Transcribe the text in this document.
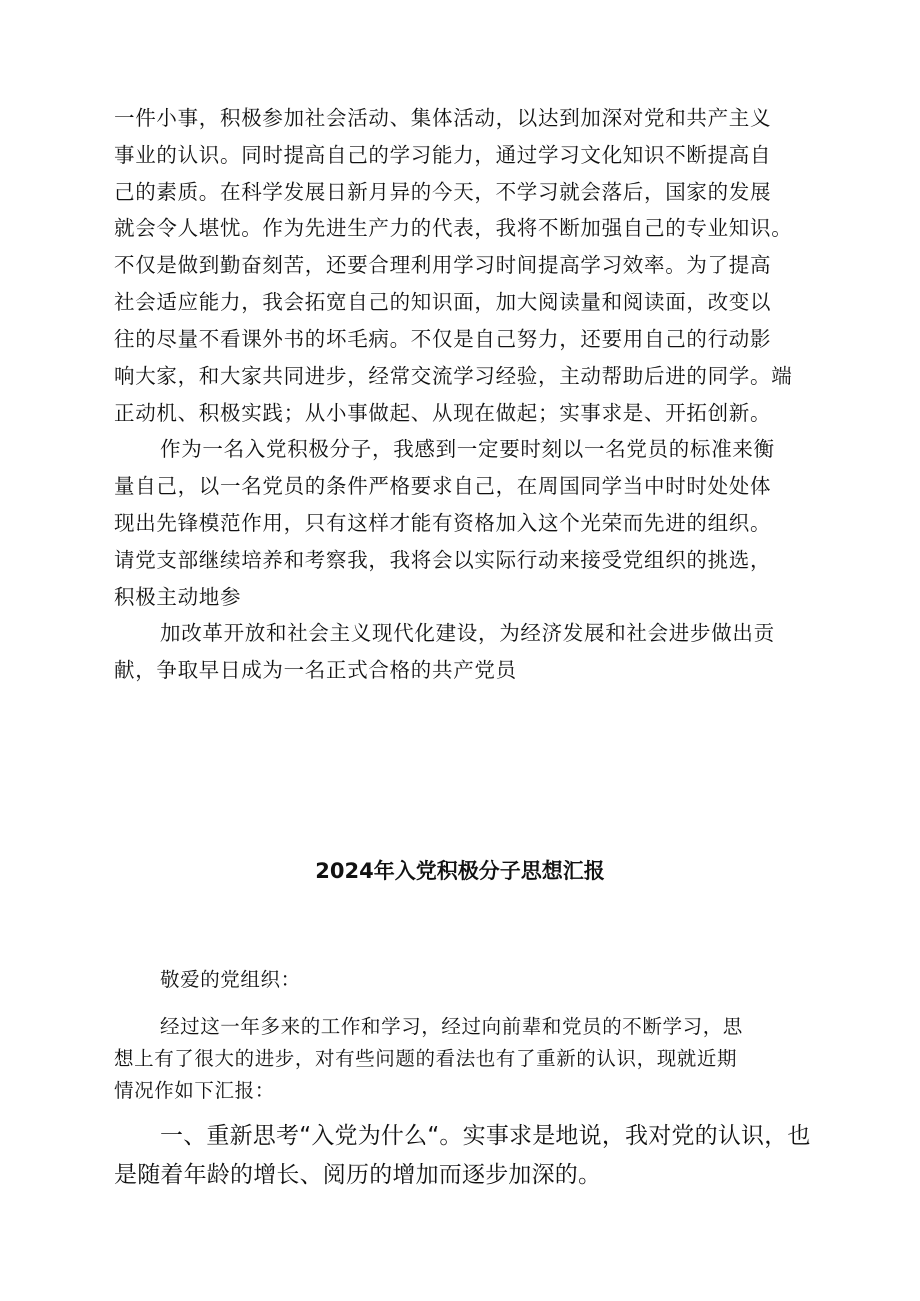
一件小事，积极参加社会活动、集体活动，以达到加深对党和共产主义
事业的认识。同时提高自己的学习能力，通过学习文化知识不断提高自
己的素质。在科学发展日新月异的今天，不学习就会落后，国家的发展
就会令人堪忧。作为先进生产力的代表，我将不断加强自己的专业知识。
不仅是做到勤奋刻苦，还要合理利用学习时间提高学习效率。为了提高
社会适应能力，我会拓宽自己的知识面，加大阅读量和阅读面，改变以
往的尽量不看课外书的坏毛病。不仅是自己努力，还要用自己的行动影
响大家，和大家共同进步，经常交流学习经验，主动帮助后进的同学。端
正动机、积极实践；从小事做起、从现在做起；实事求是、开拓创新。
作为一名入党积极分子，我感到一定要时刻以一名党员的标准来衡
量自己，以一名党员的条件严格要求自己，在周国同学当中时时处处体
现出先锋模范作用，只有这样才能有资格加入这个光荣而先进的组织。
请党支部继续培养和考察我，我将会以实际行动来接受党组织的挑选，
积极主动地参
加改革开放和社会主义现代化建设，为经济发展和社会进步做出贡
献，争取早日成为一名正式合格的共产党员
2024年入党积极分子思想汇报
敬爱的党组织：
经过这一年多来的工作和学习，经过向前辈和党员的不断学习，思
想上有了很大的进步，对有些问题的看法也有了重新的认识，现就近期
情况作如下汇报：
一、重新思考“入党为什么“。实事求是地说，我对党的认识，也
是随着年龄的增长、阅历的增加而逐步加深的。
